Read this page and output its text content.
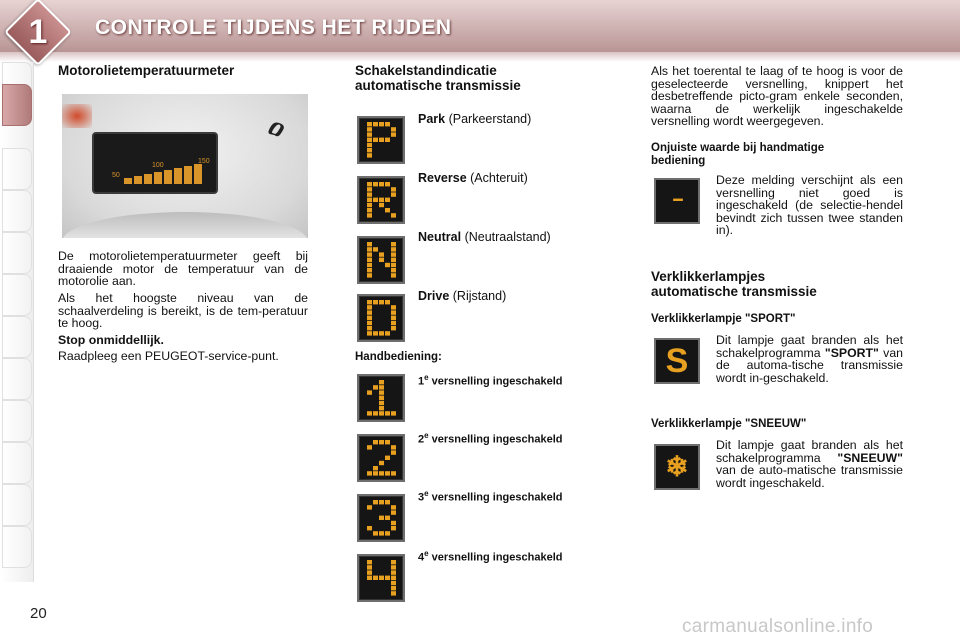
1	CONTROLE TIJDENS HET RIJDEN
Motorolietemperatuurmeter
50
100
150
ዐ
De motorolietemperatuurmeter geeft bij draaiende motor de temperatuur van de motorolie aan.
Als het hoogste niveau van de schaalverdeling is bereikt, is de tem-peratuur te hoog.
Stop onmiddellijk.
Raadpleeg een PEUGEOT-service-punt.
Schakelstandindicatie
automatische transmissie
Park (Parkeerstand)
Reverse (Achteruit)
Neutral (Neutraalstand)
Drive (Rijstand)
Handbediening:
1e versnelling ingeschakeld
2e versnelling ingeschakeld
3e versnelling ingeschakeld
4e versnelling ingeschakeld
Als het toerental te laag of te hoog is voor de geselecteerde versnelling, knippert het desbetreffende picto-gram enkele seconden, waarna de werkelijk ingeschakelde versnelling wordt weergegeven.
Onjuiste waarde bij handmatige
bediening
--
Deze melding verschijnt als een versnelling niet goed is ingeschakeld (de selectie-hendel bevindt zich tussen twee standen in).
Verklikkerlampjes
automatische transmissie
Verklikkerlampje "SPORT"
S
Dit lampje gaat branden als het schakelprogramma "SPORT" van de automa-tische transmissie wordt in-geschakeld.
Verklikkerlampje "SNEEUW"
❄
Dit lampje gaat branden als het schakelprogramma "SNEEUW" van de auto-matische transmissie wordt ingeschakeld.
20
carmanualsonline.info
